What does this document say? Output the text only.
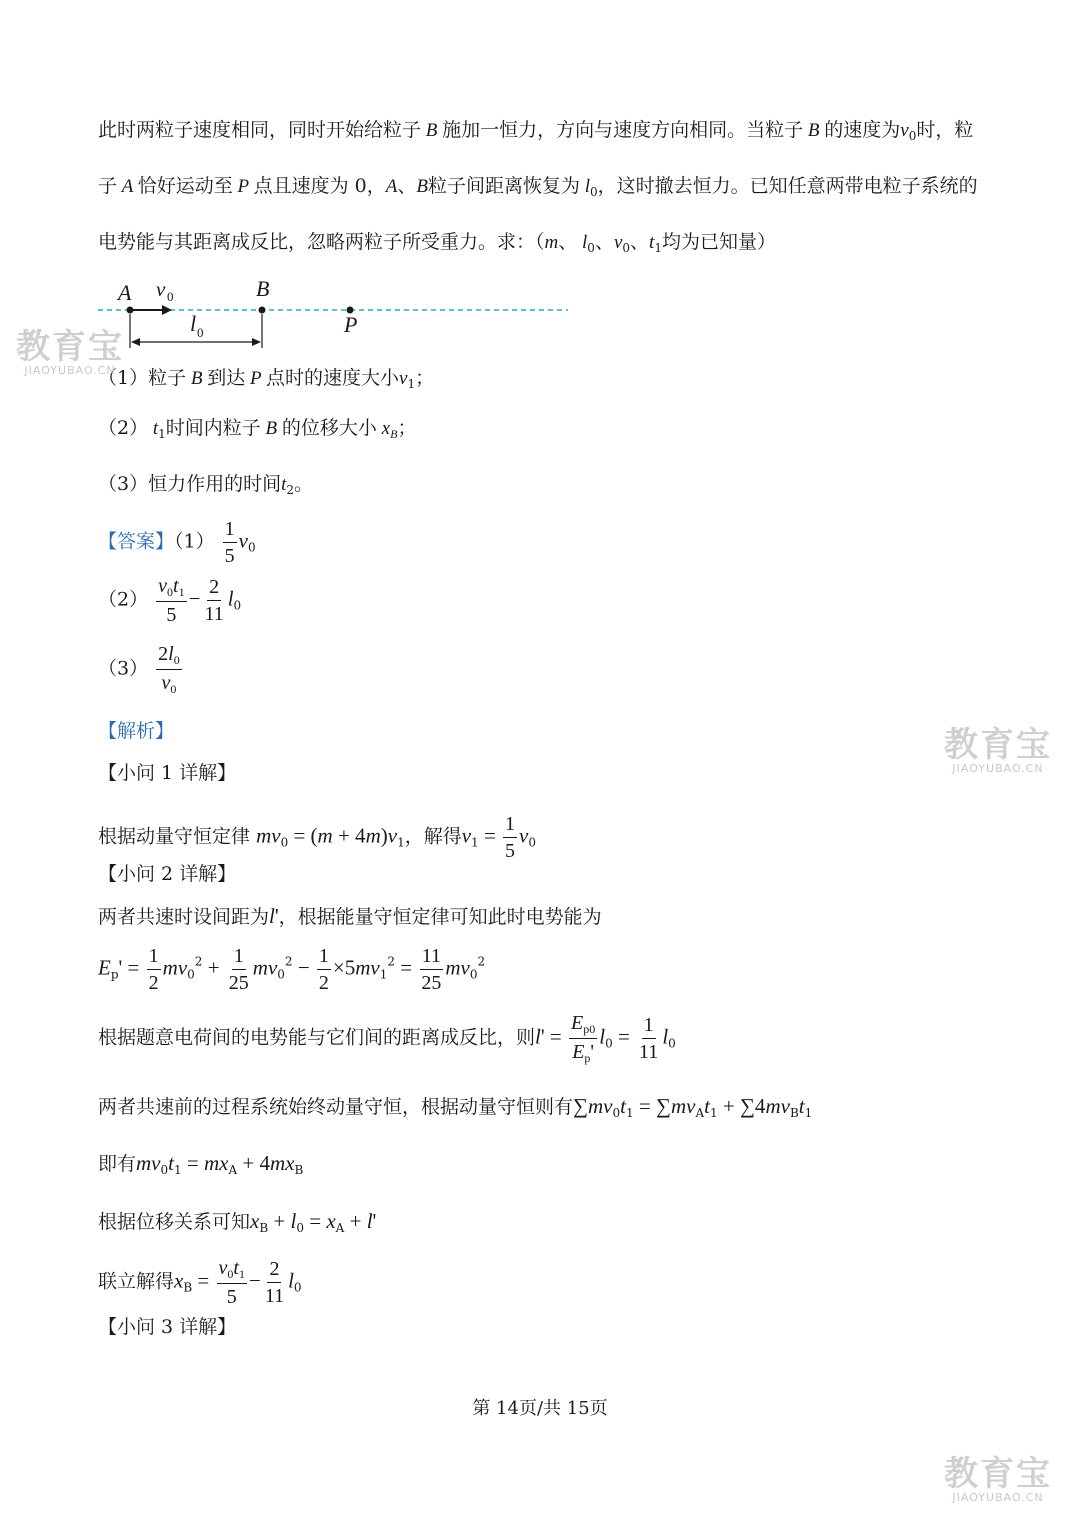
此时两粒子速度相同，同时开始给粒子 B 施加一恒力，方向与速度方向相同。当粒子 B 的速度为$v_0$时，粒
子 A 恰好运动至 P 点且速度为 0，A、B粒子间距离恢复为 $l_0$，这时撤去恒力。已知任意两带电粒子系统的
电势能与其距离成反比，忽略两粒子所受重力。求：（m、 $l_0$、$v_0$、$t_1$均为已知量）
A	B
P
v 0
l 0
（1）粒子 B 到达 P 点时的速度大小$v_1$；
（2） $t_1$时间内粒子 B 的位移大小 $x_B$；
（3）恒力作用的时间$t_2$。
【答案】$(1) \frac{1}{5} v_0$
$(2) \frac{v_0t_1}{5} - \frac{2}{11} l_0$
$(3) \frac{2l_0}{v_0}$
【解析】
【小问 1 详解】
根据动量守恒定律 $mv_0 = (m + 4m)v_1$，解得$v_1 = \frac{1}{5} v_0$
【小问 2 详解】
两者共速时设间距为l'，根据能量守恒定律可知此时电势能为
$E_p' = \frac{1}{2} mv_0^2 + \frac{1}{25} mv_0^2 - \frac{1}{2} \times 5mv_1^2 = \frac{11}{25} mv_0^2$
根据题意电荷间的电势能与它们间的距离成反比，则$l' = \frac{E_{p0}}{E_p'} l_0 = \frac{1}{11} l_0$
两者共速前的过程系统始终动量守恒，根据动量守恒则有$\sum mv_0t_1 = \sum mv_At_1 + \sum 4mv_Bt_1$
即有$mv_0t_1 = mx_A + 4mx_B$
根据位移关系可知$x_B + l_0 = x_A + l'$
联立解得$x_B = \frac{v_0t_1}{5} - \frac{2}{11} l_0$
【小问 3 详解】
第 14页/共 15页
教育宝
JIAOYUBAO.CN
教育宝
JIAOYUBAO.CN
教育宝
JIAOYUBAO.CN
